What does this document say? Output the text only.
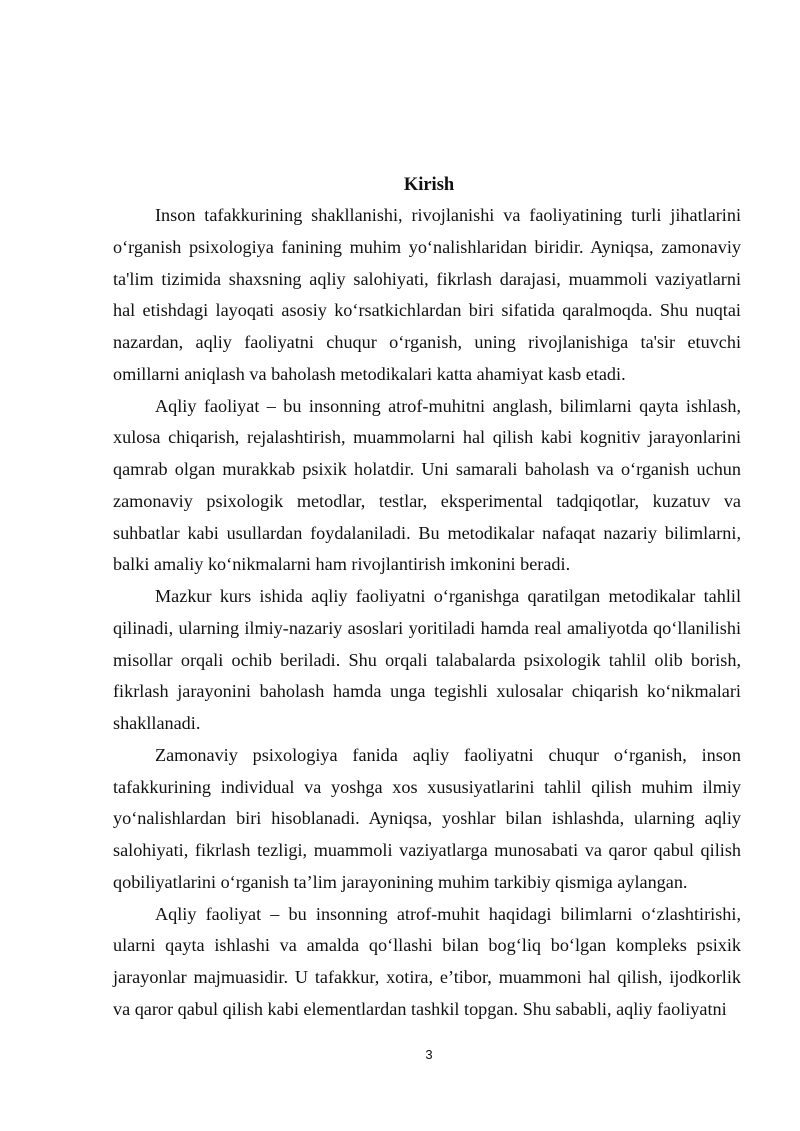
Kirish

Inson tafakkurining shakllanishi, rivojlanishi va faoliyatining turli jihatlarini o‘rganish psixologiya fanining muhim yo‘nalishlaridan biridir. Ayniqsa, zamonaviy ta'lim tizimida shaxsning aqliy salohiyati, fikrlash darajasi, muammoli vaziyatlarni hal etishdagi layoqati asosiy ko‘rsatkichlardan biri sifatida qaralmoqda. Shu nuqtai nazardan, aqliy faoliyatni chuqur o‘rganish, uning rivojlanishiga ta'sir etuvchi omillarni aniqlash va baholash metodikalari katta ahamiyat kasb etadi.

Aqliy faoliyat – bu insonning atrof-muhitni anglash, bilimlarni qayta ishlash, xulosa chiqarish, rejalashtirish, muammolarni hal qilish kabi kognitiv jarayonlarini qamrab olgan murakkab psixik holatdir. Uni samarali baholash va o‘rganish uchun zamonaviy psixologik metodlar, testlar, eksperimental tadqiqotlar, kuzatuv va suhbatlar kabi usullardan foydalaniladi. Bu metodikalar nafaqat nazariy bilimlarni, balki amaliy ko‘nikmalarni ham rivojlantirish imkonini beradi.

Mazkur kurs ishida aqliy faoliyatni o‘rganishga qaratilgan metodikalar tahlil qilinadi, ularning ilmiy-nazariy asoslari yoritiladi hamda real amaliyotda qo‘llanilishi misollar orqali ochib beriladi. Shu orqali talabalarda psixologik tahlil olib borish, fikrlash jarayonini baholash hamda unga tegishli xulosalar chiqarish ko‘nikmalari shakllanadi.

Zamonaviy psixologiya fanida aqliy faoliyatni chuqur o‘rganish, inson tafakkurining individual va yoshga xos xususiyatlarini tahlil qilish muhim ilmiy yo‘nalishlardan biri hisoblanadi. Ayniqsa, yoshlar bilan ishlashda, ularning aqliy salohiyati, fikrlash tezligi, muammoli vaziyatlarga munosabati va qaror qabul qilish qobiliyatlarini o‘rganish ta’lim jarayonining muhim tarkibiy qismiga aylangan.

Aqliy faoliyat – bu insonning atrof-muhit haqidagi bilimlarni o‘zlashtirishi, ularni qayta ishlashi va amalda qo‘llashi bilan bog‘liq bo‘lgan kompleks psixik jarayonlar majmuasidir. U tafakkur, xotira, e’tibor, muammoni hal qilish, ijodkorlik va qaror qabul qilish kabi elementlardan tashkil topgan. Shu sababli, aqliy faoliyatni

3
